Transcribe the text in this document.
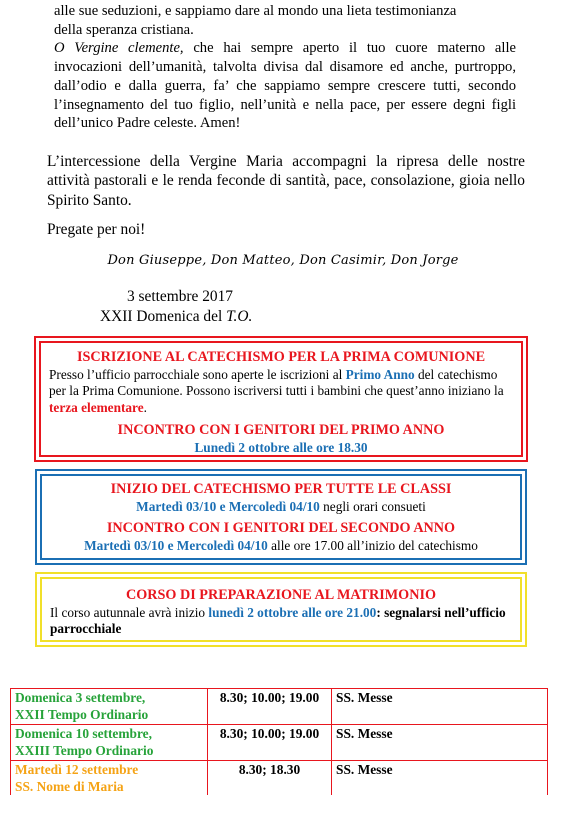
alle sue seduzioni, e sappiamo dare al mondo una lieta testimonianza

della speranza cristiana.

O Vergine clemente, che hai sempre aperto il tuo cuore materno alle invocazioni dell’umanità, talvolta divisa dal disamore ed anche, purtroppo, dall’odio e dalla guerra, fa’ che sappiamo sempre crescere tutti, secondo l’insegnamento del tuo figlio, nell’unità e nella pace, per essere degni figli dell’unico Padre celeste. Amen!

L’intercessione della Vergine Maria accompagni la ripresa delle nostre attività pastorali e le renda feconde di santità, pace, consolazione, gioia nello Spirito Santo.

Pregate per noi!

Don Giuseppe, Don Matteo, Don Casimir, Don Jorge
3 settembre 2017
XXII Domenica del T.O.
ISCRIZIONE AL CATECHISMO PER LA PRIMA COMUNIONE
Presso l’ufficio parrocchiale sono aperte le iscrizioni al Primo Anno del catechismo per la Prima Comunione. Possono iscriversi tutti i bambini che quest’anno iniziano la terza elementare.
INCONTRO CON I GENITORI DEL PRIMO ANNO
Lunedì 2 ottobre alle ore 18.30
INIZIO DEL CATECHISMO PER TUTTE LE CLASSI
Martedì 03/10 e Mercoledì 04/10 negli orari consueti
INCONTRO CON I GENITORI DEL SECONDO ANNO
Martedì 03/10 e Mercoledì 04/10 alle ore 17.00 all’inizio del catechismo
CORSO DI PREPARAZIONE AL MATRIMONIO
Il corso autunnale avrà inizio lunedì 2 ottobre alle ore 21.00: segnalarsi nell’ufficio parrocchiale
Domenica 3 settembre,
XXII Tempo Ordinario	8.30; 10.00; 19.00	SS. Messe

Domenica 10 settembre,
XXIII Tempo Ordinario	8.30; 10.00; 19.00	SS. Messe

Martedì 12 settembre
SS. Nome di Maria	8.30; 18.30	SS. Messe
